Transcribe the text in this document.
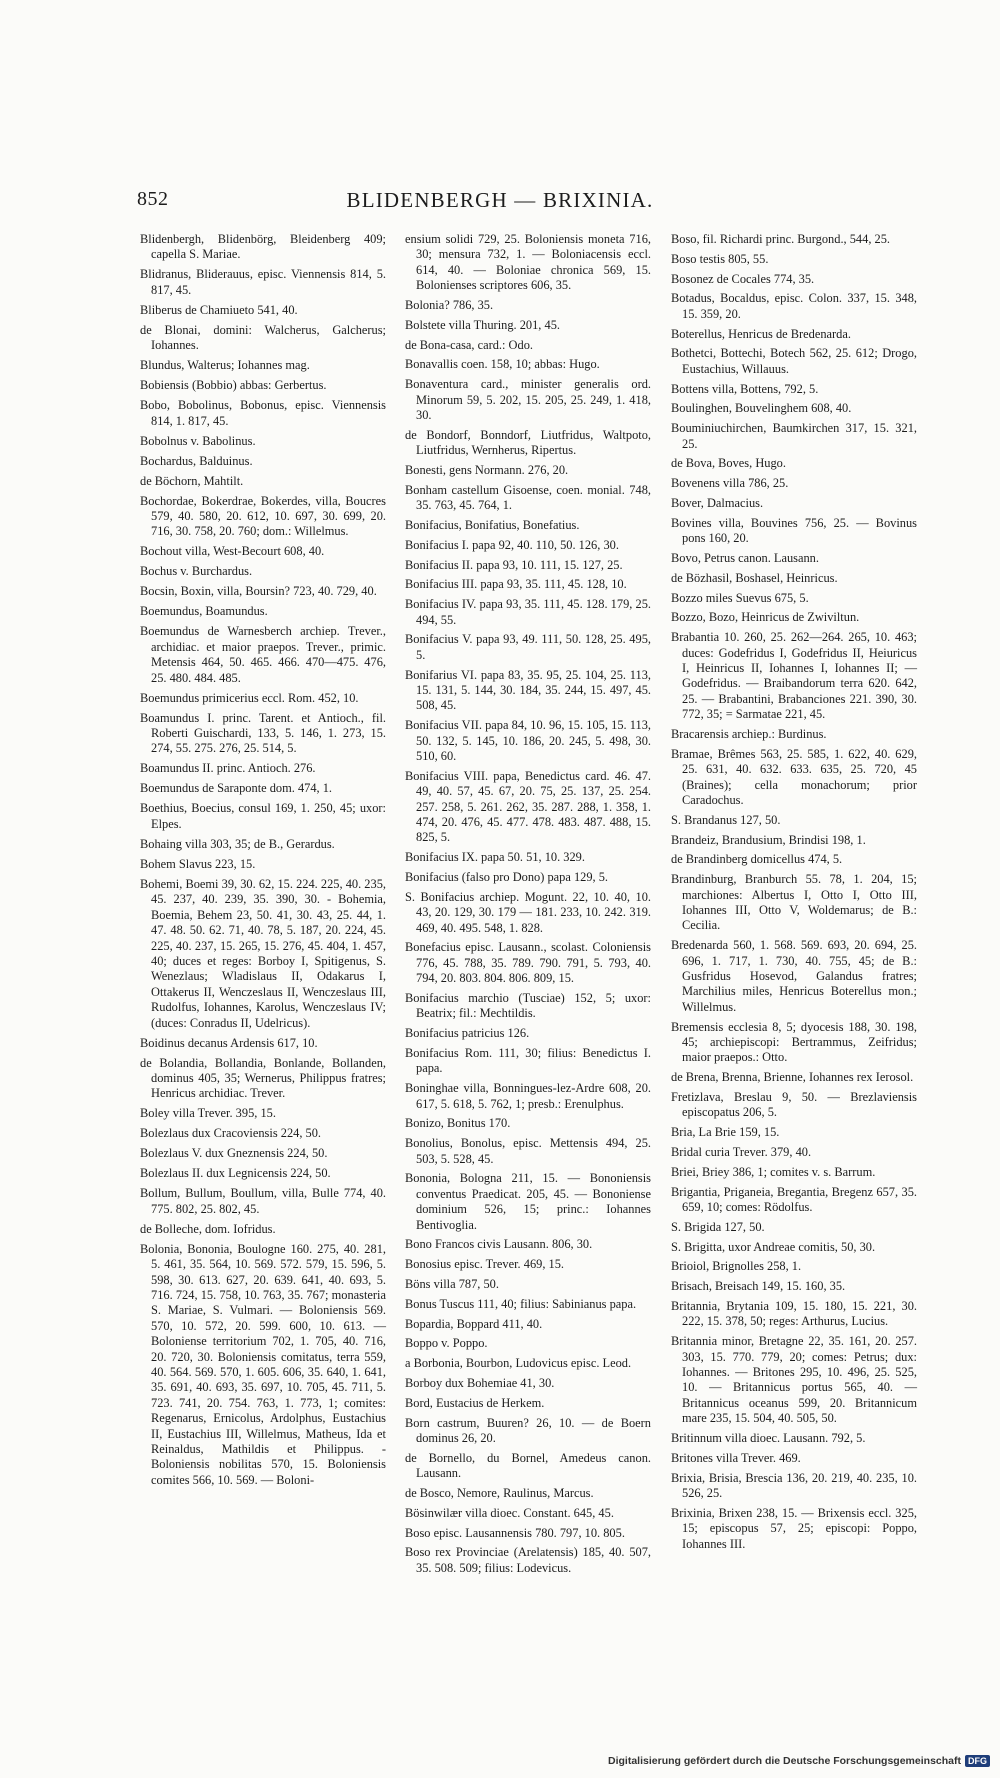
852	BLIDENBERGH — BRIXINIA.
Blidenbergh, Blidenbörg, Bleidenberg 409; capella S. Mariae.
Blidranus, Bliderauus, episc. Viennensis 814, 5. 817, 45.
Bliberus de Chamiueto 541, 40.
de Blonai, domini: Walcherus, Galcherus; Iohannes.
Blundus, Walterus; Iohannes mag.
Bobiensis (Bobbio) abbas: Gerbertus.
Bobo, Bobolinus, Bobonus, episc. Viennensis 814, 1. 817, 45.
Bobolnus v. Babolinus.
Bochardus, Balduinus.
de Böchorn, Mahtilt.
Bochordae, Bokerdrae, Bokerdes, villa, Boucres 579, 40. 580, 20. 612, 10. 697, 30. 699, 20. 716, 30. 758, 20. 760; dom.: Willelmus.
Bochout villa, West-Becourt 608, 40.
Bochus v. Burchardus.
Bocsin, Boxin, villa, Boursin? 723, 40. 729, 40.
Boemundus, Boamundus.
Boemundus de Warnesberch archiep. Trever., archidiac. et maior praepos. Trever., primic. Metensis 464, 50. 465. 466. 470—475. 476, 25. 480. 484. 485.
Boemundus primicerius eccl. Rom. 452, 10.
Boamundus I. princ. Tarent. et Antioch., fil. Roberti Guischardi, 133, 5. 146, 1. 273, 15. 274, 55. 275. 276, 25. 514, 5.
Boamundus II. princ. Antioch. 276.
Boemundus de Saraponte dom. 474, 1.
Boethius, Boecius, consul 169, 1. 250, 45; uxor: Elpes.
Bohaing villa 303, 35; de B., Gerardus.
Bohem Slavus 223, 15.
Bohemi, Boemi 39, 30. 62, 15. 224. 225, 40. 235, 45. 237, 40. 239, 35. 390, 30. - Bohemia, Boemia, Behem 23, 50. 41, 30. 43, 25. 44, 1. 47. 48. 50. 62. 71, 40. 78, 5. 187, 20. 224, 45. 225, 40. 237, 15. 265, 15. 276, 45. 404, 1. 457, 40; duces et reges: Borboy I, Spitigenus, S. Wenezlaus; Wladislaus II, Odakarus I, Ottakerus II, Wenczeslaus II, Wenczeslaus III, Rudolfus, Iohannes, Karolus, Wenczeslaus IV; (duces: Conradus II, Udelricus).
Boidinus decanus Ardensis 617, 10.
de Bolandia, Bollandia, Bonlande, Bollanden, dominus 405, 35; Wernerus, Philippus fratres; Henricus archidiac. Trever.
Boley villa Trever. 395, 15.
Bolezlaus dux Cracoviensis 224, 50.
Bolezlaus V. dux Gneznensis 224, 50.
Bolezlaus II. dux Legnicensis 224, 50.
Bollum, Bullum, Boullum, villa, Bulle 774, 40. 775. 802, 25. 802, 45.
de Bolleche, dom. Iofridus.
Bolonia, Bononia, Boulogne 160. 275, 40. 281, 5. 461, 35. 564, 10. 569. 572. 579, 15. 596, 5. 598, 30. 613. 627, 20. 639. 641, 40. 693, 5. 716. 724, 15. 758, 10. 763, 35. 767; monasteria S. Mariae, S. Vulmari. — Boloniensis 569. 570, 10. 572, 20. 599. 600, 10. 613. — Boloniense territorium 702, 1. 705, 40. 716, 20. 720, 30. Boloniensis comitatus, terra 559, 40. 564. 569. 570, 1. 605. 606, 35. 640, 1. 641, 35. 691, 40. 693, 35. 697, 10. 705, 45. 711, 5. 723. 741, 20. 754. 763, 1. 773, 1; comites: Regenarus, Ernicolus, Ardolphus, Eustachius II, Eustachius III, Willelmus, Matheus, Ida et Reinaldus, Mathildis et Philippus. - Boloniensis nobilitas 570, 15. Boloniensis comites 566, 10. 569. — Boloni-
ensium solidi 729, 25. Boloniensis moneta 716, 30; mensura 732, 1. — Boloniacensis eccl. 614, 40. — Boloniae chronica 569, 15. Bolonienses scriptores 606, 35.
Bolonia? 786, 35.
Bolstete villa Thuring. 201, 45.
de Bona-casa, card.: Odo.
Bonavallis coen. 158, 10; abbas: Hugo.
Bonaventura card., minister generalis ord. Minorum 59, 5. 202, 15. 205, 25. 249, 1. 418, 30.
de Bondorf, Bonndorf, Liutfridus, Waltpoto, Liutfridus, Wernherus, Ripertus.
Bonesti, gens Normann. 276, 20.
Bonham castellum Gisoense, coen. monial. 748, 35. 763, 45. 764, 1.
Bonifacius, Bonifatius, Bonefatius.
Bonifacius I. papa 92, 40. 110, 50. 126, 30.
Bonifacius II. papa 93, 10. 111, 15. 127, 25.
Bonifacius III. papa 93, 35. 111, 45. 128, 10.
Bonifacius IV. papa 93, 35. 111, 45. 128. 179, 25. 494, 55.
Bonifacius V. papa 93, 49. 111, 50. 128, 25. 495, 5.
Bonifarius VI. papa 83, 35. 95, 25. 104, 25. 113, 15. 131, 5. 144, 30. 184, 35. 244, 15. 497, 45. 508, 45.
Bonifacius VII. papa 84, 10. 96, 15. 105, 15. 113, 50. 132, 5. 145, 10. 186, 20. 245, 5. 498, 30. 510, 60.
Bonifacius VIII. papa, Benedictus card. 46. 47. 49, 40. 57, 45. 67, 20. 75, 25. 137, 25. 254. 257. 258, 5. 261. 262, 35. 287. 288, 1. 358, 1. 474, 20. 476, 45. 477. 478. 483. 487. 488, 15. 825, 5.
Bonifacius IX. papa 50. 51, 10. 329.
Bonifacius (falso pro Dono) papa 129, 5.
S. Bonifacius archiep. Mogunt. 22, 10. 40, 10. 43, 20. 129, 30. 179 — 181. 233, 10. 242. 319. 469, 40. 495. 548, 1. 828.
Bonefacius episc. Lausann., scolast. Coloniensis 776, 45. 788, 35. 789. 790. 791, 5. 793, 40. 794, 20. 803. 804. 806. 809, 15.
Bonifacius marchio (Tusciae) 152, 5; uxor: Beatrix; fil.: Mechtildis.
Bonifacius patricius 126.
Bonifacius Rom. 111, 30; filius: Benedictus I. papa.
Boninghae villa, Bonningues-lez-Ardre 608, 20. 617, 5. 618, 5. 762, 1; presb.: Erenulphus.
Bonizo, Bonitus 170.
Bonolius, Bonolus, episc. Mettensis 494, 25. 503, 5. 528, 45.
Bononia, Bologna 211, 15. — Bononiensis conventus Praedicat. 205, 45. — Bononiense dominium 526, 15; princ.: Iohannes Bentivoglia.
Bono Francos civis Lausann. 806, 30.
Bonosius episc. Trever. 469, 15.
Böns villa 787, 50.
Bonus Tuscus 111, 40; filius: Sabinianus papa.
Bopardia, Boppard 411, 40.
Boppo v. Poppo.
a Borbonia, Bourbon, Ludovicus episc. Leod.
Borboy dux Bohemiae 41, 30.
Bord, Eustacius de Herkem.
Born castrum, Buuren? 26, 10. — de Boern dominus 26, 20.
de Bornello, du Bornel, Amedeus canon. Lausann.
de Bosco, Nemore, Raulinus, Marcus.
Bösinwilær villa dioec. Constant. 645, 45.
Boso episc. Lausannensis 780. 797, 10. 805.
Boso rex Provinciae (Arelatensis) 185, 40. 507, 35. 508. 509; filius: Lodevicus.
Boso, fil. Richardi princ. Burgond., 544, 25.
Boso testis 805, 55.
Bosonez de Cocales 774, 35.
Botadus, Bocaldus, episc. Colon. 337, 15. 348, 15. 359, 20.
Boterellus, Henricus de Bredenarda.
Bothetci, Bottechi, Botech 562, 25. 612; Drogo, Eustachius, Willauus.
Bottens villa, Bottens, 792, 5.
Boulinghen, Bouvelinghem 608, 40.
Bouminiuchirchen, Baumkirchen 317, 15. 321, 25.
de Bova, Boves, Hugo.
Bovenens villa 786, 25.
Bover, Dalmacius.
Bovines villa, Bouvines 756, 25. — Bovinus pons 160, 20.
Bovo, Petrus canon. Lausann.
de Bözhasil, Boshasel, Heinricus.
Bozzo miles Suevus 675, 5.
Bozzo, Bozo, Heinricus de Zwiviltun.
Brabantia 10. 260, 25. 262—264. 265, 10. 463; duces: Godefridus I, Godefridus II, Heiuricus I, Heinricus II, Iohannes I, Iohannes II; — Godefridus. — Braibandorum terra 620. 642, 25. — Brabantini, Brabanciones 221. 390, 30. 772, 35; = Sarmatae 221, 45.
Bracarensis archiep.: Burdinus.
Bramae, Brêmes 563, 25. 585, 1. 622, 40. 629, 25. 631, 40. 632. 633. 635, 25. 720, 45 (Braines); cella monachorum; prior Caradochus.
S. Brandanus 127, 50.
Brandeiz, Brandusium, Brindisi 198, 1.
de Brandinberg domicellus 474, 5.
Brandinburg, Branburch 55. 78, 1. 204, 15; marchiones: Albertus I, Otto I, Otto III, Iohannes III, Otto V, Woldemarus; de B.: Cecilia.
Bredenarda 560, 1. 568. 569. 693, 20. 694, 25. 696, 1. 717, 1. 730, 40. 755, 45; de B.: Gusfridus Hosevod, Galandus fratres; Marchilius miles, Henricus Boterellus mon.; Willelmus.
Bremensis ecclesia 8, 5; dyocesis 188, 30. 198, 45; archiepiscopi: Bertrammus, Zeifridus; maior praepos.: Otto.
de Brena, Brenna, Brienne, Iohannes rex Ierosol.
Fretizlava, Breslau 9, 50. — Brezlaviensis episcopatus 206, 5.
Bria, La Brie 159, 15.
Bridal curia Trever. 379, 40.
Briei, Briey 386, 1; comites v. s. Barrum.
Brigantia, Priganeia, Bregantia, Bregenz 657, 35. 659, 10; comes: Rödolfus.
S. Brigida 127, 50.
S. Brigitta, uxor Andreae comitis, 50, 30.
Brioiol, Brignolles 258, 1.
Brisach, Breisach 149, 15. 160, 35.
Britannia, Brytania 109, 15. 180, 15. 221, 30. 222, 15. 378, 50; reges: Arthurus, Lucius.
Britannia minor, Bretagne 22, 35. 161, 20. 257. 303, 15. 770. 779, 20; comes: Petrus; dux: Iohannes. — Britones 295, 10. 496, 25. 525, 10. — Britannicus portus 565, 40. — Britannicus oceanus 599, 20. Britannicum mare 235, 15. 504, 40. 505, 50.
Britinnum villa dioec. Lausann. 792, 5.
Britones villa Trever. 469.
Brixia, Brisia, Brescia 136, 20. 219, 40. 235, 10. 526, 25.
Brixinia, Brixen 238, 15. — Brixensis eccl. 325, 15; episcopus 57, 25; episcopi: Poppo, Iohannes III.
Digitalisierung gefördert durch die Deutsche Forschungsgemeinschaft DFG
